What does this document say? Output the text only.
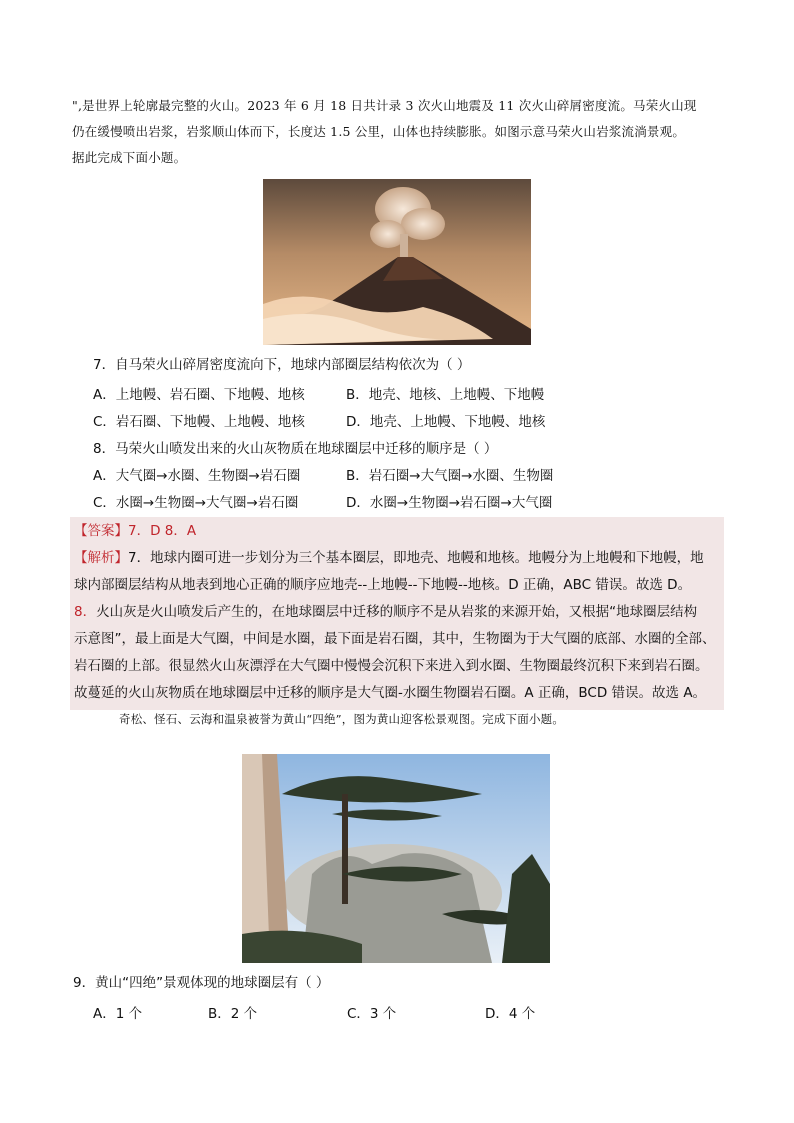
",是世界上轮廓最完整的火山。2023 年 6 月 18 日共计录 3 次火山地震及 11 次火山碎屑密度流。马荣火山现

仍在缓慢喷出岩浆，岩浆顺山体而下，长度达 1.5 公里，山体也持续膨胀。如图示意马荣火山岩浆流淌景观。

据此完成下面小题。

7．自马荣火山碎屑密度流向下，地球内部圈层结构依次为（ ）
A．上地幔、岩石圈、下地幔、地核	B．地壳、地核、上地幔、下地幔
C．岩石圈、下地幔、上地幔、地核	D．地壳、上地幔、下地幔、地核
8．马荣火山喷发出来的火山灰物质在地球圈层中迁移的顺序是（ ）
A．大气圈→水圈、生物圈→岩石圈	B．岩石圈→大气圈→水圈、生物圈
C．水圈→生物圈→大气圈→岩石圈	D．水圈→生物圈→岩石圈→大气圈
【答案】7．D 8．A
【解析】7．地球内圈可进一步划分为三个基本圈层，即地壳、地幔和地核。地幔分为上地幔和下地幔，地
球内部圈层结构从地表到地心正确的顺序应地壳--上地幔--下地幔--地核。D 正确，ABC 错误。故选 D。
8．火山灰是火山喷发后产生的，在地球圈层中迁移的顺序不是从岩浆的来源开始，又根据“地球圈层结构
示意图”，最上面是大气圈，中间是水圈，最下面是岩石圈，其中，生物圈为于大气圈的底部、水圈的全部、
岩石圈的上部。很显然火山灰漂浮在大气圈中慢慢会沉积下来进入到水圈、生物圈最终沉积下来到岩石圈。
故蔓延的火山灰物质在地球圈层中迁移的顺序是大气圈-水圈生物圈岩石圈。A 正确，BCD 错误。故选 A。
奇松、怪石、云海和温泉被誉为黄山“四绝”，图为黄山迎客松景观图。完成下面小题。
9．黄山“四绝”景观体现的地球圈层有（ ）
A．1 个	B．2 个	C．3 个	D．4 个
